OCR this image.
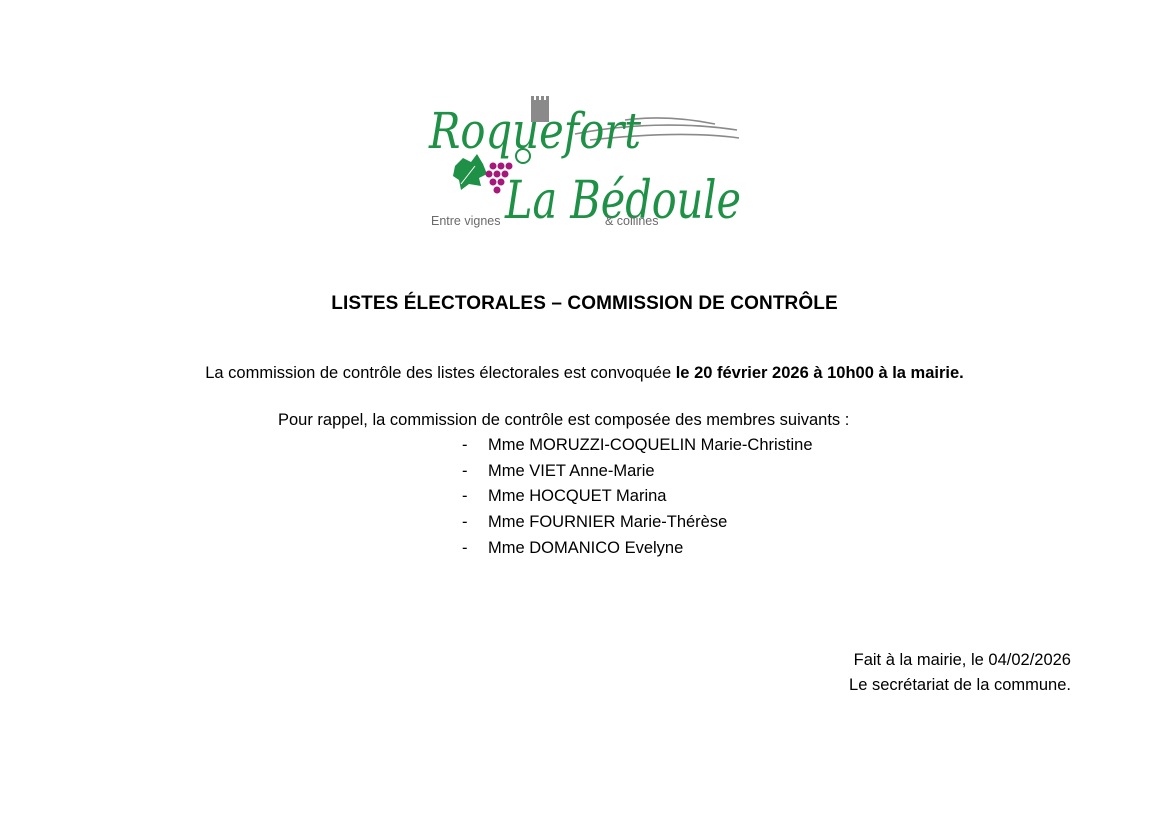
Roquefort
La Bédoule
Entre vignes	& collines
LISTES ÉLECTORALES – COMMISSION DE CONTRÔLE
La commission de contrôle des listes électorales est convoquée le 20 février 2026 à 10h00 à la mairie.
Pour rappel, la commission de contrôle est composée des membres suivants :
- Mme MORUZZI-COQUELIN Marie-Christine
- Mme VIET Anne-Marie
- Mme HOCQUET Marina
- Mme FOURNIER Marie-Thérèse
- Mme DOMANICO Evelyne
Fait à la mairie, le 04/02/2026
Le secrétariat de la commune.
